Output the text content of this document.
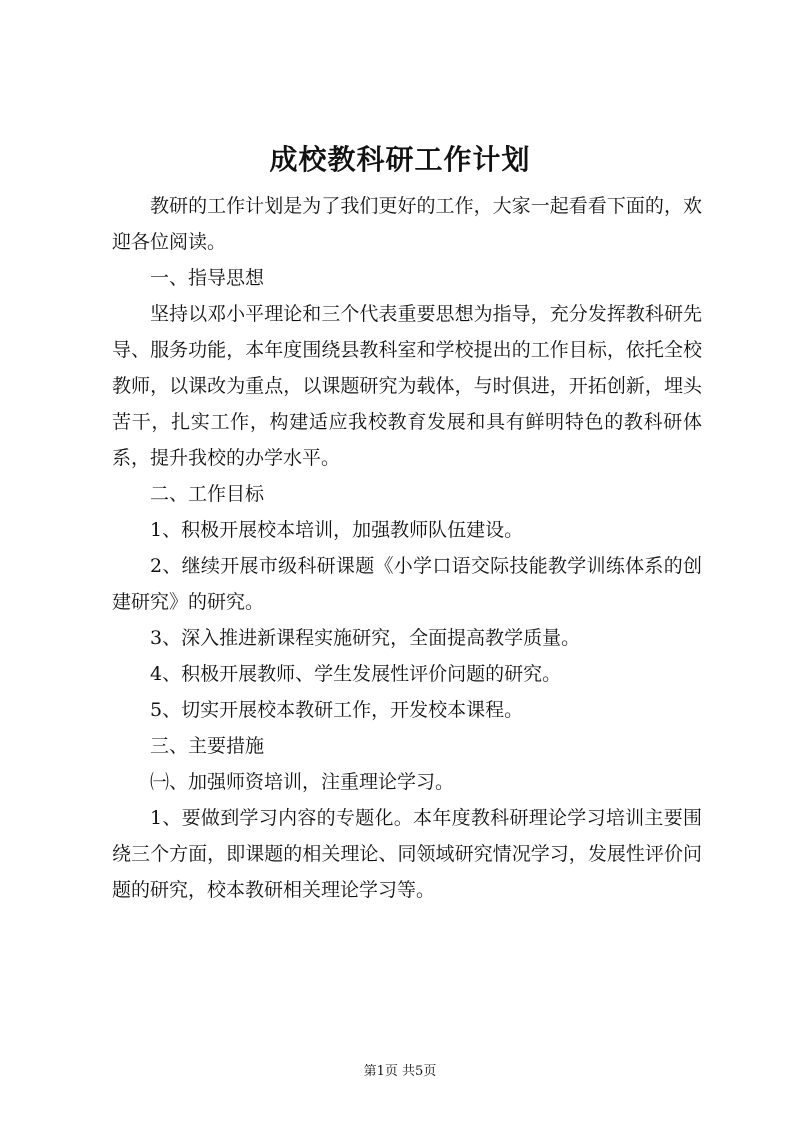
成校教科研工作计划

教研的工作计划是为了我们更好的工作，大家一起看看下面的，欢迎各位阅读。

一、指导思想

坚持以邓小平理论和三个代表重要思想为指导，充分发挥教科研先导、服务功能，本年度围绕县教科室和学校提出的工作目标，依托全校教师，以课改为重点，以课题研究为载体，与时俱进，开拓创新，埋头苦干，扎实工作，构建适应我校教育发展和具有鲜明特色的教科研体系，提升我校的办学水平。

二、工作目标

1、积极开展校本培训，加强教师队伍建设。

2、继续开展市级科研课题《小学口语交际技能教学训练体系的创建研究》的研究。

3、深入推进新课程实施研究，全面提高教学质量。

4、积极开展教师、学生发展性评价问题的研究。

5、切实开展校本教研工作，开发校本课程。

三、主要措施

㈠、加强师资培训，注重理论学习。

1、要做到学习内容的专题化。本年度教科研理论学习培训主要围绕三个方面，即课题的相关理论、同领域研究情况学习，发展性评价问题的研究，校本教研相关理论学习等。

第1页 共5页
